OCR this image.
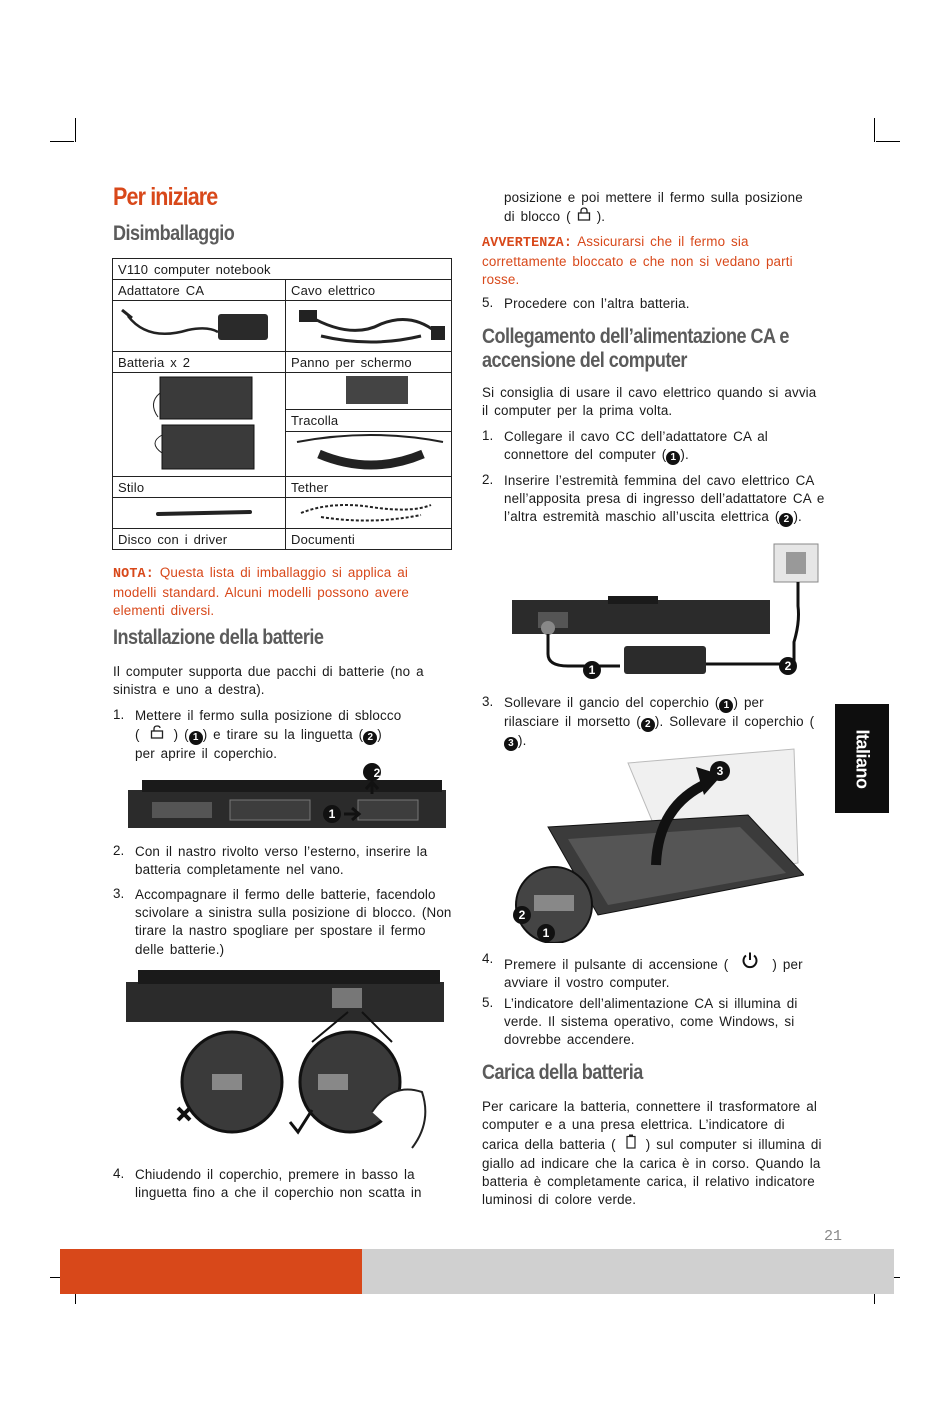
Per iniziare
Disimballaggio
V110 computer notebook	
Adattatore CA	Cavo elettrico

Batteria x 2	Panno per schermo

	Tracolla

Stilo	Tether

Disco con i driver	Documenti
NOTA: Questa lista di imballaggio si applica ai modelli standard. Alcuni modelli possono avere elementi diversi.
Installazione della batterie
Il computer supporta due pacchi di batterie (no a sinistra e uno a destra).
1. Mettere il fermo sulla posizione di sblocco
(	) ( 1 ) e tirare su la linguetta ( 2 )
per aprire il coperchio.
2
1
2. Con il nastro rivolto verso l’esterno, inserire la batteria completamente nel vano.
3. Accompagnare il fermo delle batterie, facendolo scivolare a sinistra sulla posizione di blocco. (Non tirare la nastro spogliare per spostare il fermo delle batterie.)
4. Chiudendo il coperchio, premere in basso la linguetta fino a che il coperchio non scatta in
posizione e poi mettere il fermo sulla posizione
di blocco ( ).
AVVERTENZA: Assicurarsi che il fermo sia correttamente bloccato e che non si vedano parti rosse.
5. Procedere con l’altra batteria.
Collegamento dell’alimentazione CA e accensione del computer
Si consiglia di usare il cavo elettrico quando si avvia il computer per la prima volta.
1. Collegare il cavo CC dell’adattatore CA al
connettore del computer ( 1 ).
2. Inserire l’estremità femmina del cavo elettrico CA nell’apposita presa di ingresso dell’adattatore CA e l’altra estremità maschio all’uscita elettrica ( 2 ).
1	2
3. Sollevare il gancio del coperchio ( 1 ) per rilasciare il morsetto ( 2 ). Sollevare il coperchio (3 ).
3
2
1
4. Premere il pulsante di accensione (	) per avviare il vostro computer.
5. L’indicatore dell’alimentazione CA si illumina di verde. Il sistema operativo, come Windows, si dovrebbe accendere.
Carica della batteria
Per caricare la batteria, connettere il trasformatore al computer e a una presa elettrica. L’indicatore di carica della batteria ( ) sul computer si illumina di giallo ad indicare che la carica è in corso. Quando la batteria è completamente carica, il relativo indicatore luminosi di colore verde.
Italiano
21
